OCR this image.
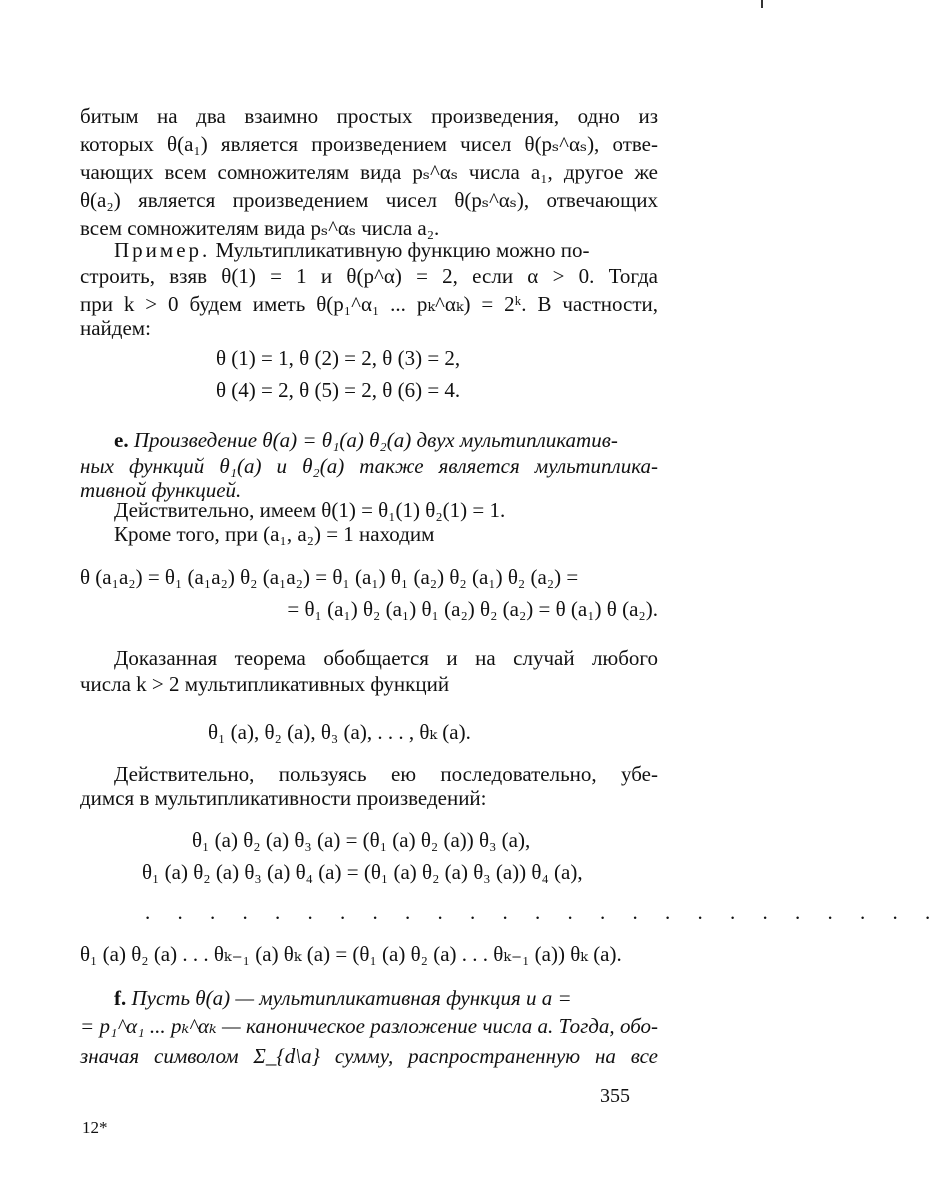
битым на два взаимно простых произведения, одно из
которых θ(a₁) является произведением чисел θ(pₛ^αₛ), отве-
чающих всем сомножителям вида pₛ^αₛ числа a₁, другое же
θ(a₂) является произведением чисел θ(pₛ^αₛ), отвечающих
всем сомножителям вида pₛ^αₛ числа a₂.
Пример. Мультипликативную функцию можно по-
строить, взяв θ(1) = 1 и θ(p^α) = 2, если α > 0. Тогда
при k > 0 будем иметь θ(p₁^α₁ ... pₖ^αₖ) = 2ᵏ. В частности,
найдем:
θ (1) = 1, θ (2) = 2, θ (3) = 2,
θ (4) = 2, θ (5) = 2, θ (6) = 4.
e. Произведение θ(a) = θ₁(a) θ₂(a) двух мультипликатив-
ных функций θ₁(a) и θ₂(a) также является мультиплика-
тивной функцией.
Действительно, имеем θ(1) = θ₁(1) θ₂(1) = 1.
Кроме того, при (a₁, a₂) = 1 находим
θ (a₁a₂) = θ₁ (a₁a₂) θ₂ (a₁a₂) = θ₁ (a₁) θ₁ (a₂) θ₂ (a₁) θ₂ (a₂) =
= θ₁ (a₁) θ₂ (a₁) θ₁ (a₂) θ₂ (a₂) = θ (a₁) θ (a₂).
Доказанная теорема обобщается и на случай любого
числа k > 2 мультипликативных функций
θ₁ (a), θ₂ (a), θ₃ (a), . . . , θₖ (a).
Действительно, пользуясь ею последовательно, убе-
димся в мультипликативности произведений:
θ₁ (a) θ₂ (a) θ₃ (a) = (θ₁ (a) θ₂ (a)) θ₃ (a),
θ₁ (a) θ₂ (a) θ₃ (a) θ₄ (a) = (θ₁ (a) θ₂ (a) θ₃ (a)) θ₄ (a),
. . . . . . . . . . . . . . . . . . . . . . . . .
θ₁ (a) θ₂ (a) . . . θₖ₋₁ (a) θₖ (a) = (θ₁ (a) θ₂ (a) . . . θₖ₋₁ (a)) θₖ (a).
f. Пусть θ(a) — мультипликативная функция и a =
= p₁^α₁ ... pₖ^αₖ — каноническое разложение числа a. Тогда, обо-
значая символом Σ_{d\a} сумму, распространенную на все
355
12*
